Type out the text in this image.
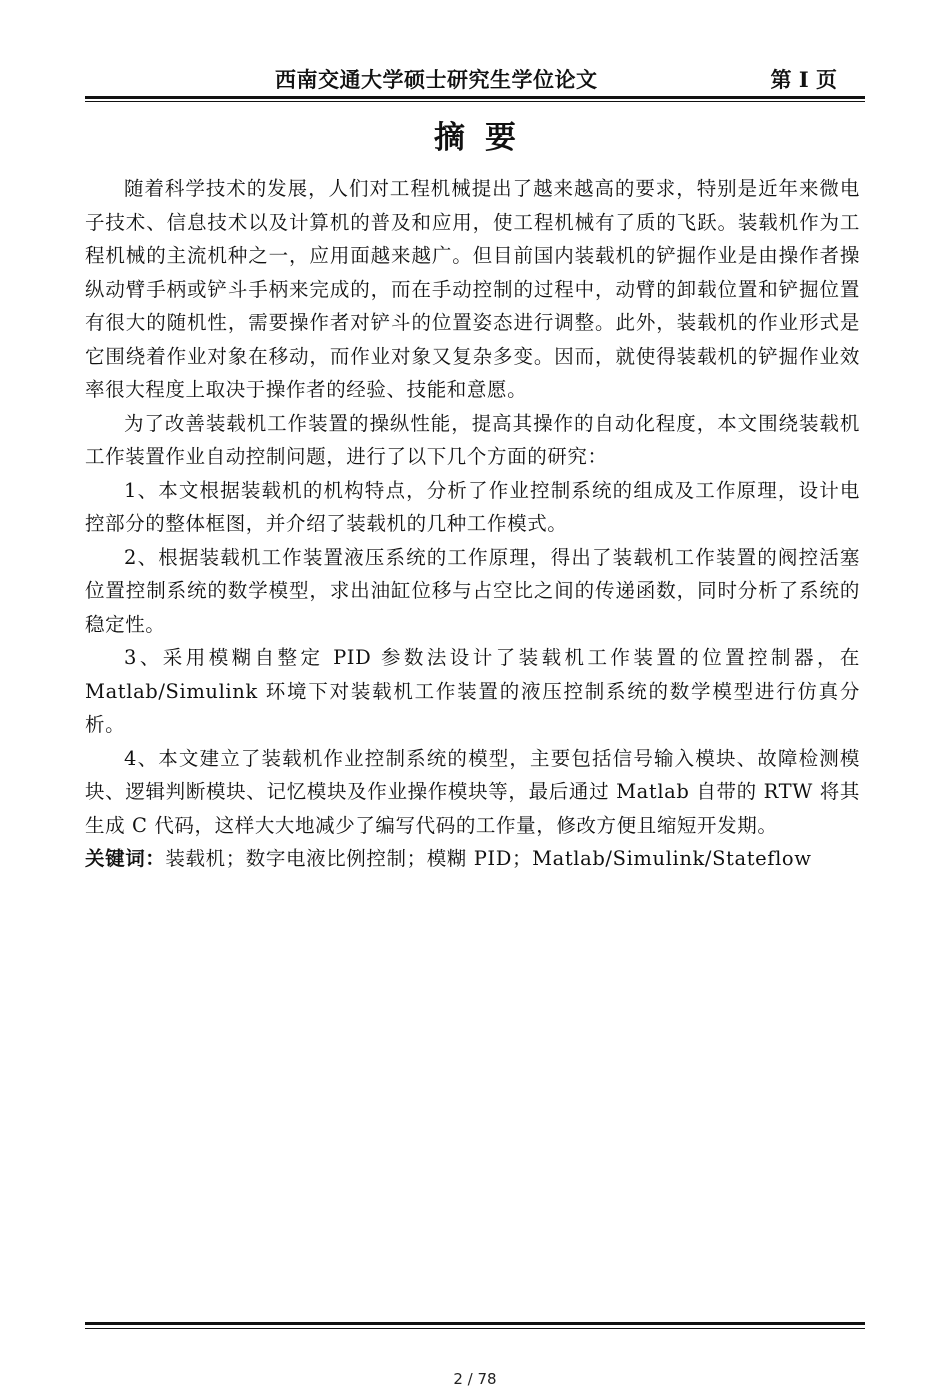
西南交通大学硕士研究生学位论文	第 I 页
摘要

随着科学技术的发展，人们对工程机械提出了越来越高的要求，特别是近年来微电子技术、信息技术以及计算机的普及和应用，使工程机械有了质的飞跃。装载机作为工程机械的主流机种之一，应用面越来越广。但目前国内装载机的铲掘作业是由操作者操纵动臂手柄或铲斗手柄来完成的，而在手动控制的过程中，动臂的卸载位置和铲掘位置有很大的随机性，需要操作者对铲斗的位置姿态进行调整。此外，装载机的作业形式是它围绕着作业对象在移动，而作业对象又复杂多变。因而，就使得装载机的铲掘作业效率很大程度上取决于操作者的经验、技能和意愿。

为了改善装载机工作装置的操纵性能，提高其操作的自动化程度，本文围绕装载机工作装置作业自动控制问题，进行了以下几个方面的研究：

1、本文根据装载机的机构特点，分析了作业控制系统的组成及工作原理，设计电控部分的整体框图，并介绍了装载机的几种工作模式。

2、根据装载机工作装置液压系统的工作原理，得出了装载机工作装置的阀控活塞位置控制系统的数学模型，求出油缸位移与占空比之间的传递函数，同时分析了系统的稳定性。

3、采用模糊自整定 PID 参数法设计了装载机工作装置的位置控制器，在 Matlab/Simulink 环境下对装载机工作装置的液压控制系统的数学模型进行仿真分析。

4、本文建立了装载机作业控制系统的模型，主要包括信号输入模块、故障检测模块、逻辑判断模块、记忆模块及作业操作模块等，最后通过 Matlab 自带的 RTW 将其生成 C 代码，这样大大地减少了编写代码的工作量，修改方便且缩短开发期。

关键词：装载机；数字电液比例控制；模糊 PID；Matlab/Simulink/Stateflow

2 / 78
